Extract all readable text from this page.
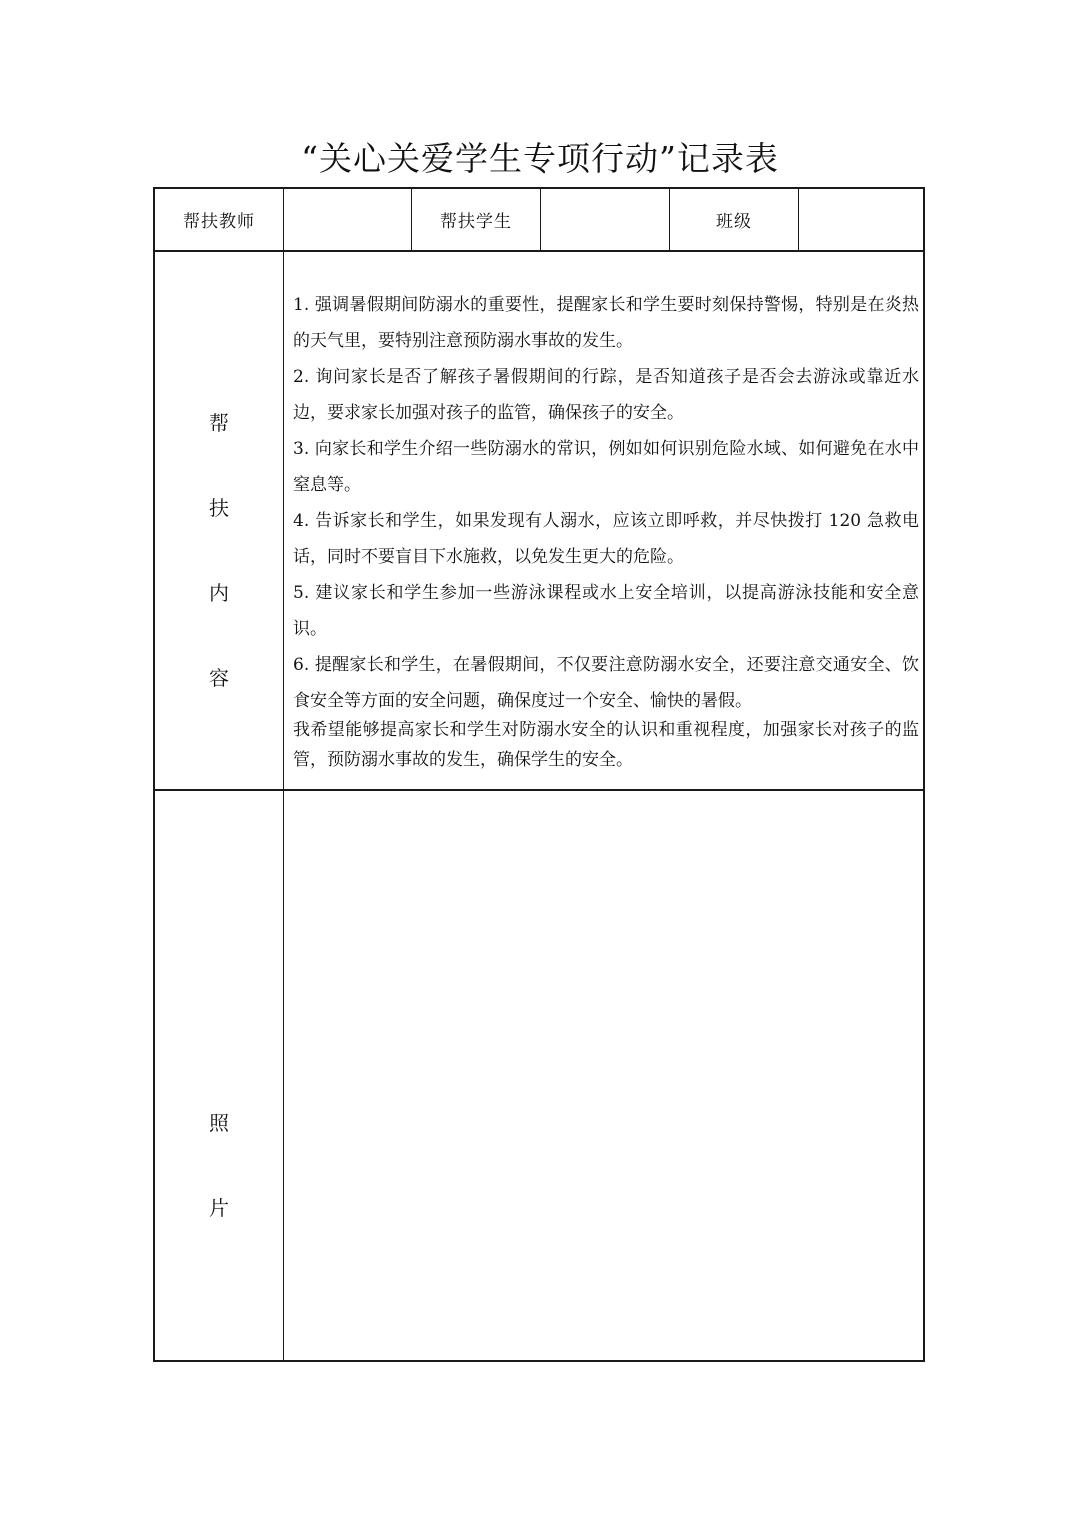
“关心关爱学生专项行动”记录表
帮扶教师	帮扶学生	班级
帮
扶
内
容

1. 强调暑假期间防溺水的重要性，提醒家长和学生要时刻保持警惕，特别是在炎热的天气里，要特别注意预防溺水事故的发生。

2. 询问家长是否了解孩子暑假期间的行踪，是否知道孩子是否会去游泳或靠近水边，要求家长加强对孩子的监管，确保孩子的安全。

3. 向家长和学生介绍一些防溺水的常识，例如如何识别危险水域、如何避免在水中窒息等。

4. 告诉家长和学生，如果发现有人溺水，应该立即呼救，并尽快拨打 120 急救电话，同时不要盲目下水施救，以免发生更大的危险。

5. 建议家长和学生参加一些游泳课程或水上安全培训，以提高游泳技能和安全意识。

6. 提醒家长和学生，在暑假期间，不仅要注意防溺水安全，还要注意交通安全、饮食安全等方面的安全问题，确保度过一个安全、愉快的暑假。

我希望能够提高家长和学生对防溺水安全的认识和重视程度，加强家长对孩子的监管，预防溺水事故的发生，确保学生的安全。

照
片
